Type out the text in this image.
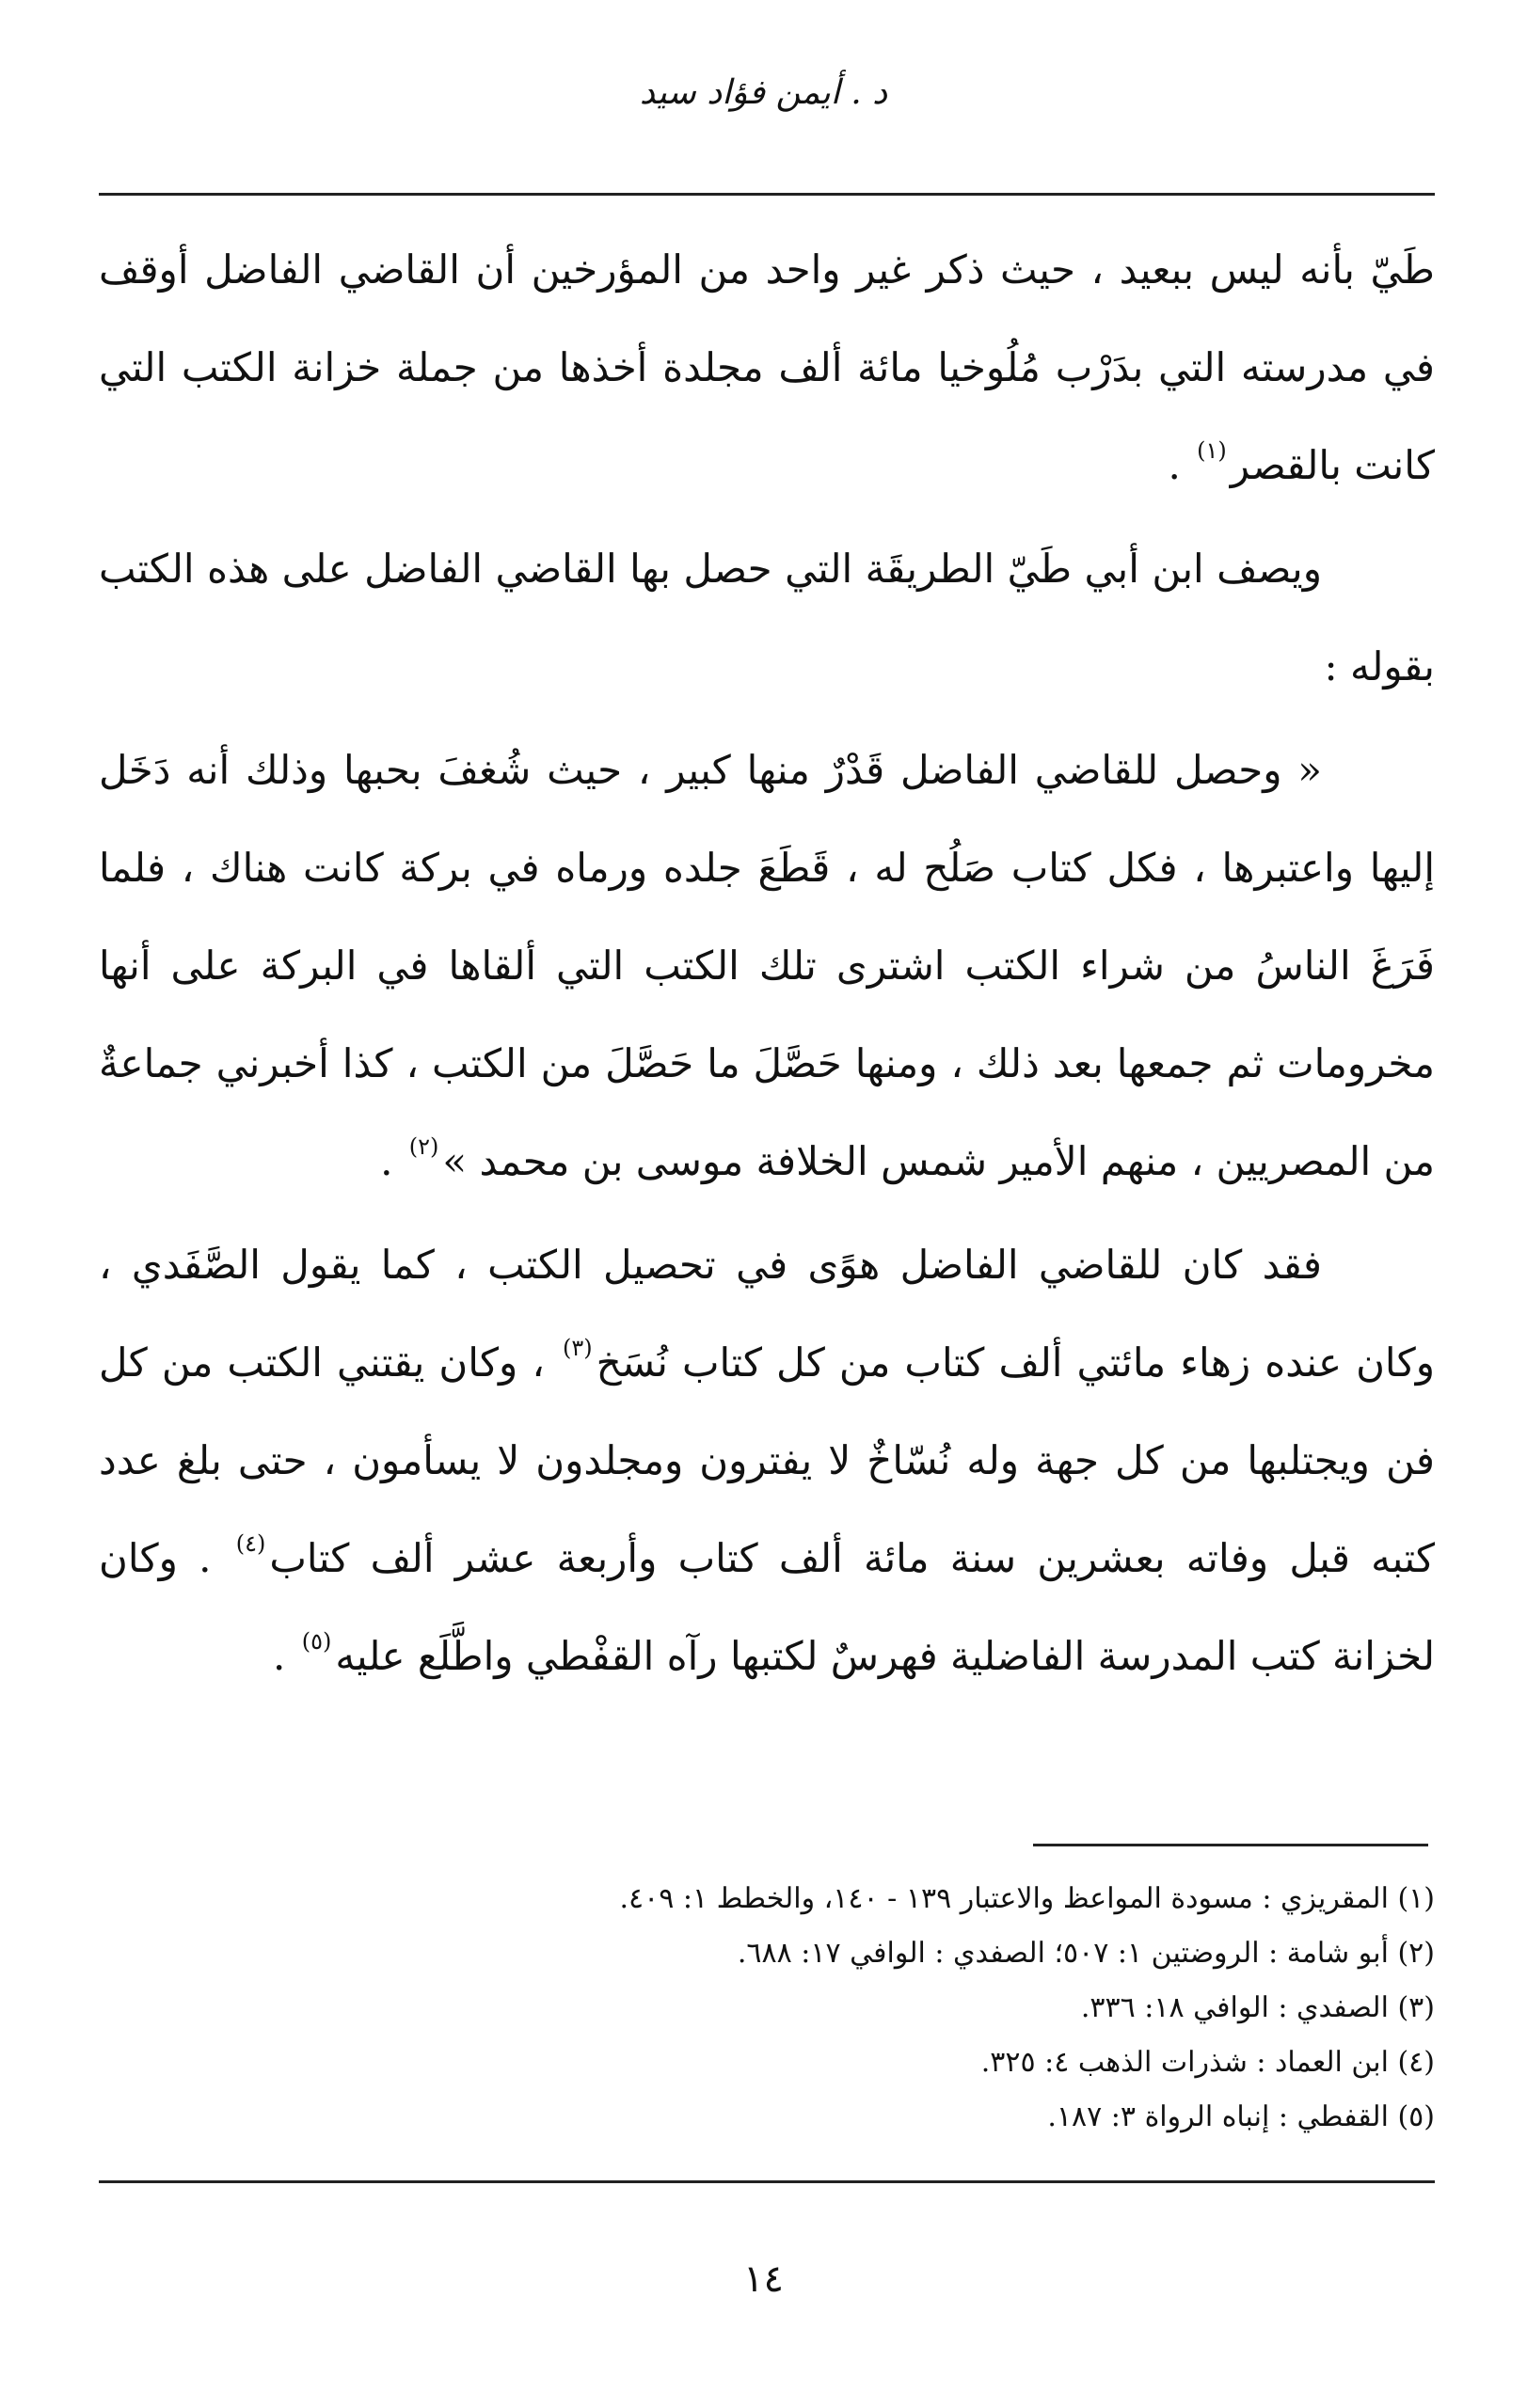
د . أيمن فؤاد سيد

طَيّ بأنه ليس ببعيد ، حيث ذكر غير واحد من المؤرخين أن القاضي الفاضل أوقف في مدرسته التي بدَرْب مُلُوخيا مائة ألف مجلدة أخذها من جملة خزانة الكتب التي كانت بالقصر$^{(١)}$ .

ويصف ابن أبي طَيّ الطريقَة التي حصل بها القاضي الفاضل على هذه الكتب بقوله :

« وحصل للقاضي الفاضل قَدْرٌ منها كبير ، حيث شُغفَ بحبها وذلك أنه دَخَل إليها واعتبرها ، فكل كتاب صَلُح له ، قَطَعَ جلده ورماه في بركة كانت هناك ، فلما فَرَغَ الناسُ من شراء الكتب اشترى تلك الكتب التي ألقاها في البركة على أنها مخرومات ثم جمعها بعد ذلك ، ومنها حَصَّلَ ما حَصَّلَ من الكتب ، كذا أخبرني جماعةٌ من المصريين ، منهم الأمير شمس الخلافة موسى بن محمد »$^{(٢)}$ .

فقد كان للقاضي الفاضل هوًى في تحصيل الكتب ، كما يقول الصَّفَدي ، وكان عنده زهاء مائتي ألف كتاب من كل كتاب نُسَخ$^{(٣)}$ ، وكان يقتني الكتب من كل فن ويجتلبها من كل جهة وله نُسّاخٌ لا يفترون ومجلدون لا يسأمون ، حتى بلغ عدد كتبه قبل وفاته بعشرين سنة مائة ألف كتاب وأربعة عشر ألف كتاب$^{(٤)}$ . وكان لخزانة كتب المدرسة الفاضلية فهرسٌ لكتبها رآه القفْطي واطَّلَع عليه$^{(٥)}$ .

(١) المقريزي : مسودة المواعظ والاعتبار ١٣٩ - ١٤٠، والخطط ١: ٤٠٩.
(٢) أبو شامة : الروضتين ١: ٥٠٧؛ الصفدي : الوافي ١٧: ٦٨٨.
(٣) الصفدي : الوافي ١٨: ٣٣٦.
(٤) ابن العماد : شذرات الذهب ٤: ٣٢٥.
(٥) القفطي : إنباه الرواة ٣: ١٨٧.
١٤
